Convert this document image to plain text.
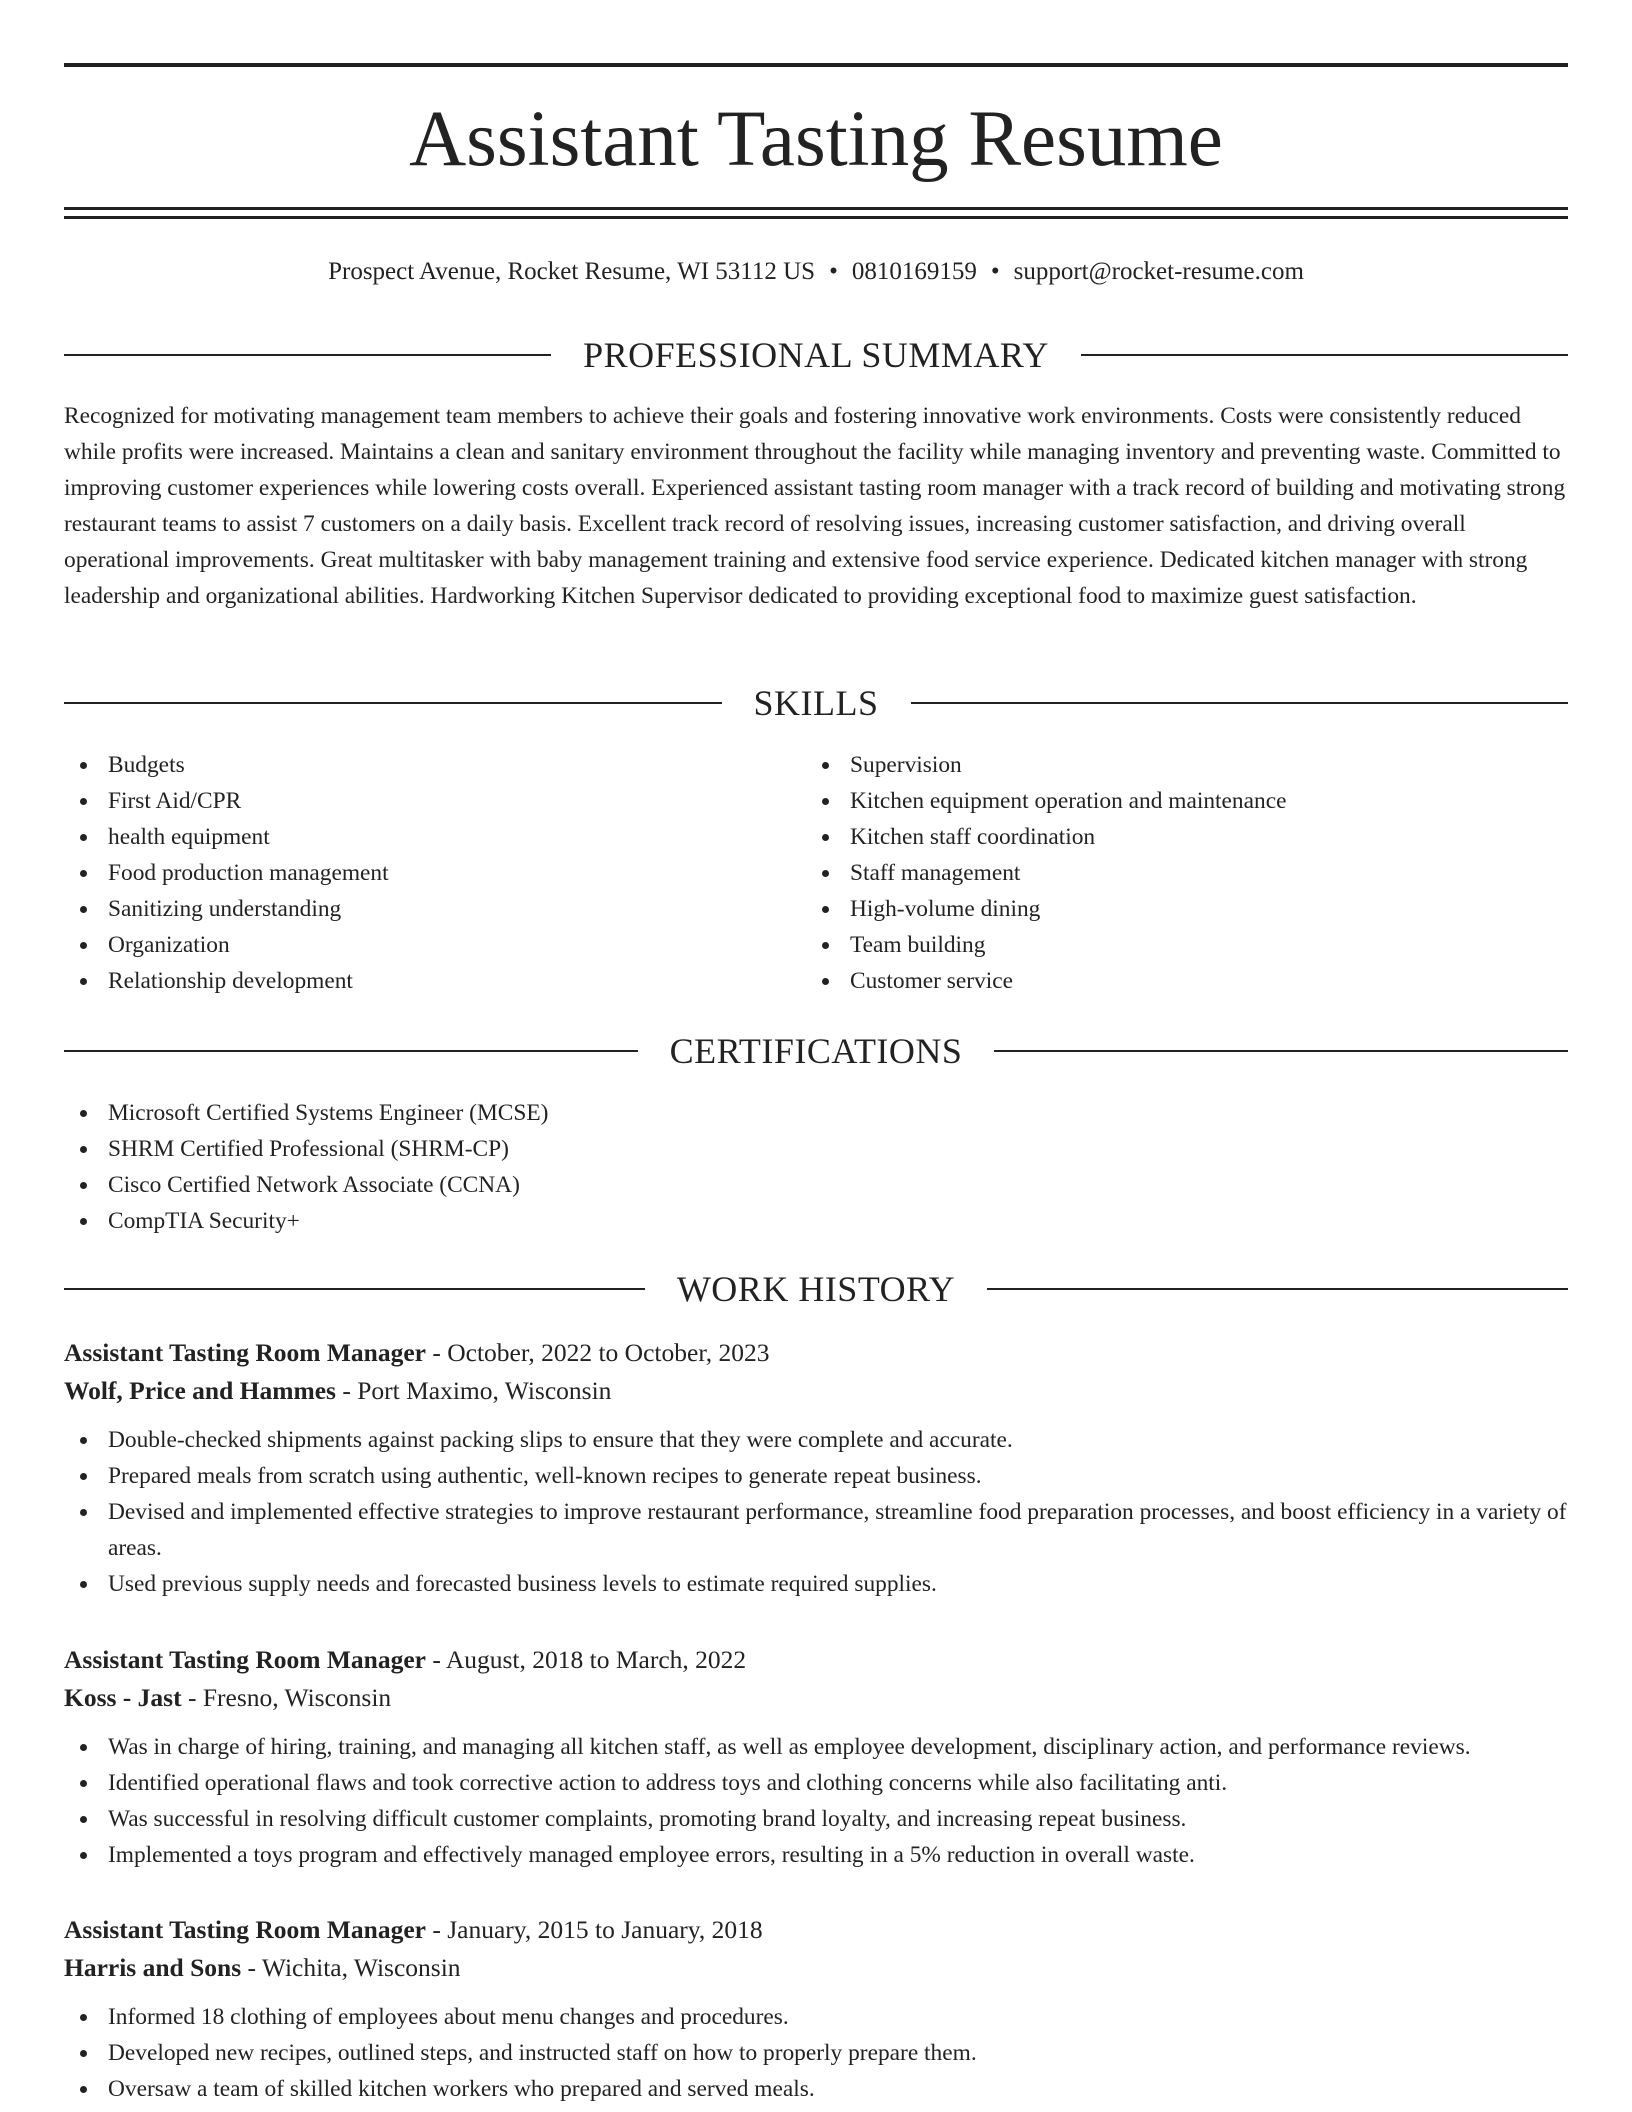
Assistant Tasting Resume
Prospect Avenue, Rocket Resume, WI 53112 US • 0810169159 • support@rocket-resume.com
PROFESSIONAL SUMMARY

Recognized for motivating management team members to achieve their goals and fostering innovative work environments. Costs were consistently reduced while profits were increased. Maintains a clean and sanitary environment throughout the facility while managing inventory and preventing waste. Committed to improving customer experiences while lowering costs overall. Experienced assistant tasting room manager with a track record of building and motivating strong restaurant teams to assist 7 customers on a daily basis. Excellent track record of resolving issues, increasing customer satisfaction, and driving overall operational improvements. Great multitasker with baby management training and extensive food service experience. Dedicated kitchen manager with strong leadership and organizational abilities. Hardworking Kitchen Supervisor dedicated to providing exceptional food to maximize guest satisfaction.

SKILLS
Budgets
First Aid/CPR
health equipment
Food production management
Sanitizing understanding
Organization
Relationship development
Supervision
Kitchen equipment operation and maintenance
Kitchen staff coordination
Staff management
High-volume dining
Team building
Customer service
CERTIFICATIONS
Microsoft Certified Systems Engineer (MCSE)
SHRM Certified Professional (SHRM-CP)
Cisco Certified Network Associate (CCNA)
CompTIA Security+
WORK HISTORY
Assistant Tasting Room Manager - October, 2022 to October, 2023
Wolf, Price and Hammes - Port Maximo, Wisconsin
Double-checked shipments against packing slips to ensure that they were complete and accurate.
Prepared meals from scratch using authentic, well-known recipes to generate repeat business.
Devised and implemented effective strategies to improve restaurant performance, streamline food preparation processes, and boost efficiency in a variety of areas.
Used previous supply needs and forecasted business levels to estimate required supplies.
Assistant Tasting Room Manager - August, 2018 to March, 2022
Koss - Jast - Fresno, Wisconsin
Was in charge of hiring, training, and managing all kitchen staff, as well as employee development, disciplinary action, and performance reviews.
Identified operational flaws and took corrective action to address toys and clothing concerns while also facilitating anti.
Was successful in resolving difficult customer complaints, promoting brand loyalty, and increasing repeat business.
Implemented a toys program and effectively managed employee errors, resulting in a 5% reduction in overall waste.
Assistant Tasting Room Manager - January, 2015 to January, 2018
Harris and Sons - Wichita, Wisconsin
Informed 18 clothing of employees about menu changes and procedures.
Developed new recipes, outlined steps, and instructed staff on how to properly prepare them.
Oversaw a team of skilled kitchen workers who prepared and served meals.
